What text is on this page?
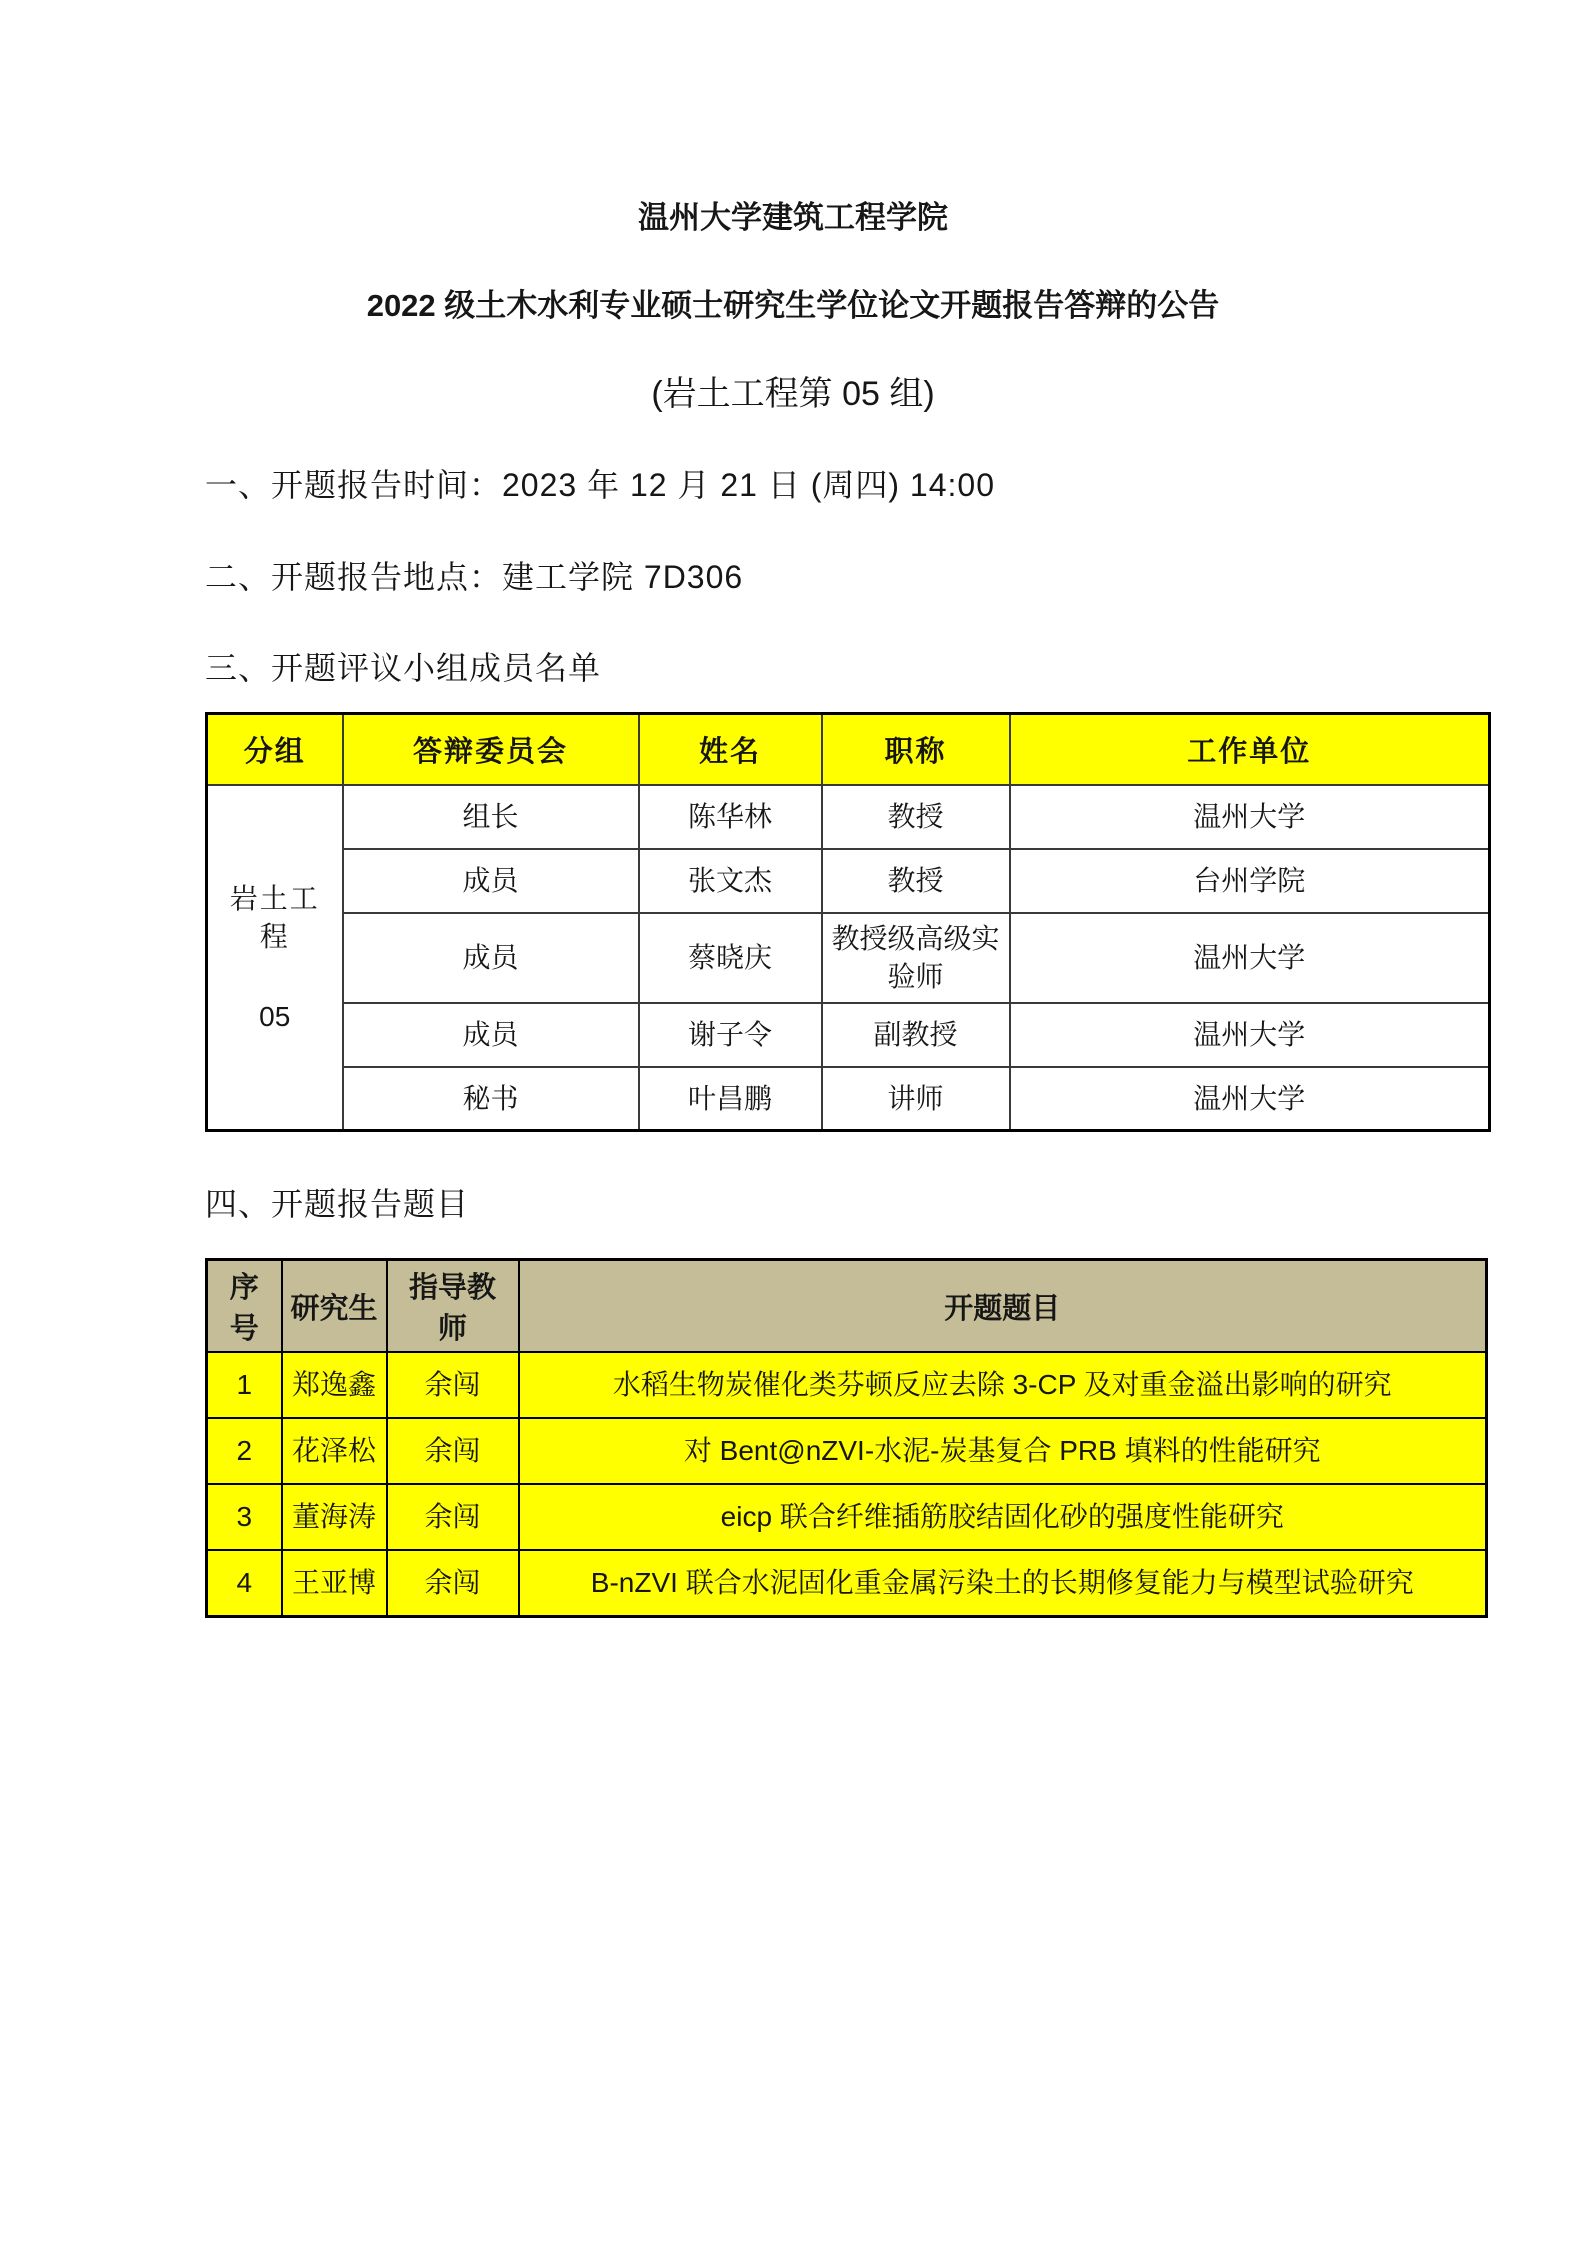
温州大学建筑工程学院
2022 级土木水利专业硕士研究生学位论文开题报告答辩的公告
(岩土工程第 05 组)
一、开题报告时间：2023 年 12 月 21 日 (周四) 14:00
二、开题报告地点：建工学院 7D306
三、开题评议小组成员名单
分组	答辩委员会	姓名	职称	工作单位

岩土工程
05	组长	陈华林	教授	温州大学
	成员	张文杰	教授	台州学院
	成员	蔡晓庆	教授级高级实验师	温州大学
	成员	谢子令	副教授	温州大学
	秘书	叶昌鹏	讲师	温州大学
四、开题报告题目
序号	研究生	指导教师	开题题目
1	郑逸鑫	余闯	水稻生物炭催化类芬顿反应去除 3-CP 及对重金溢出影响的研究
2	花泽松	余闯	对 Bent@nZVI-水泥-炭基复合 PRB 填料的性能研究
3	董海涛	余闯	eicp 联合纤维插筋胶结固化砂的强度性能研究
4	王亚博	余闯	B-nZVI 联合水泥固化重金属污染土的长期修复能力与模型试验研究
